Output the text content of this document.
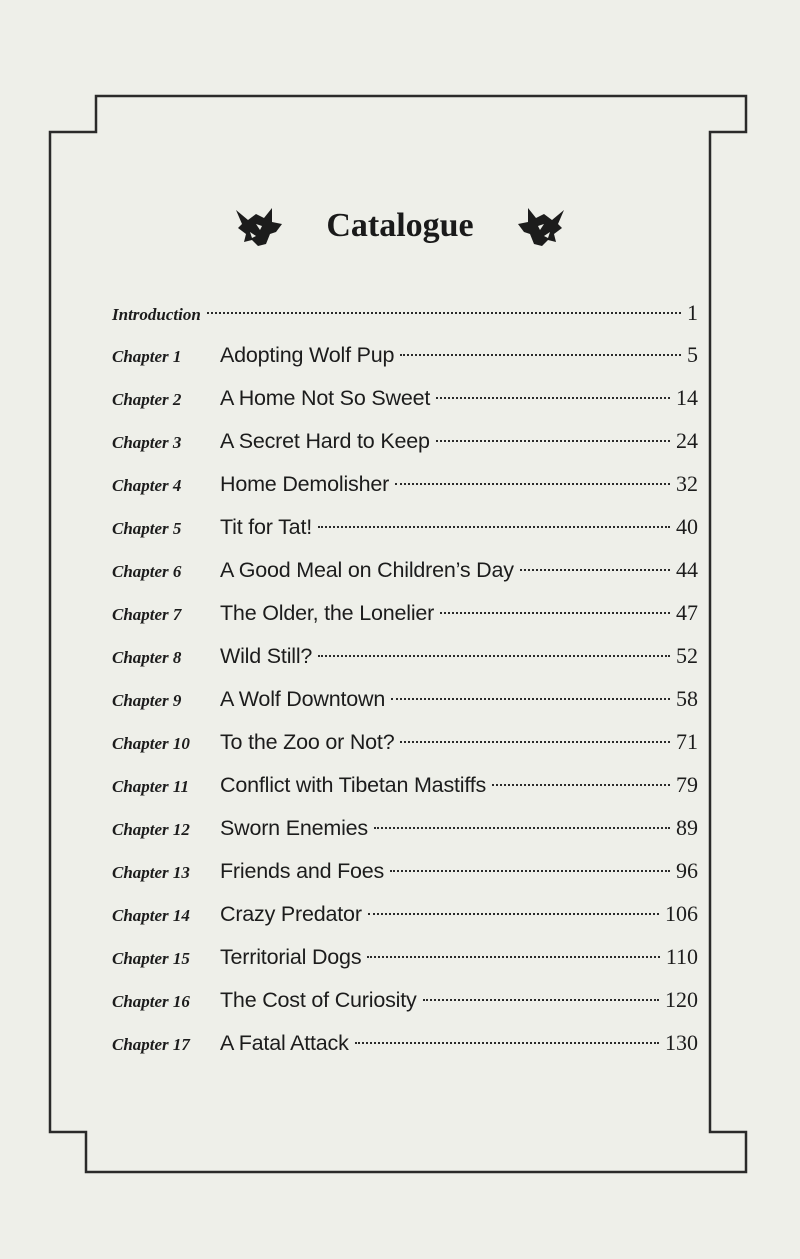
Catalogue
Introduction	1
Chapter 1	Adopting Wolf Pup	5
Chapter 2	A Home Not So Sweet	14
Chapter 3	A Secret Hard to Keep	24
Chapter 4	Home Demolisher	32
Chapter 5	Tit for Tat!	40
Chapter 6	A Good Meal on Children’s Day	44
Chapter 7	The Older, the Lonelier	47
Chapter 8	Wild Still?	52
Chapter 9	A Wolf Downtown	58
Chapter 10	To the Zoo or Not?	71
Chapter 11	Conflict with Tibetan Mastiffs	79
Chapter 12	Sworn Enemies	89
Chapter 13	Friends and Foes	96
Chapter 14	Crazy Predator	106
Chapter 15	Territorial Dogs	110
Chapter 16	The Cost of Curiosity	120
Chapter 17	A Fatal Attack	130
